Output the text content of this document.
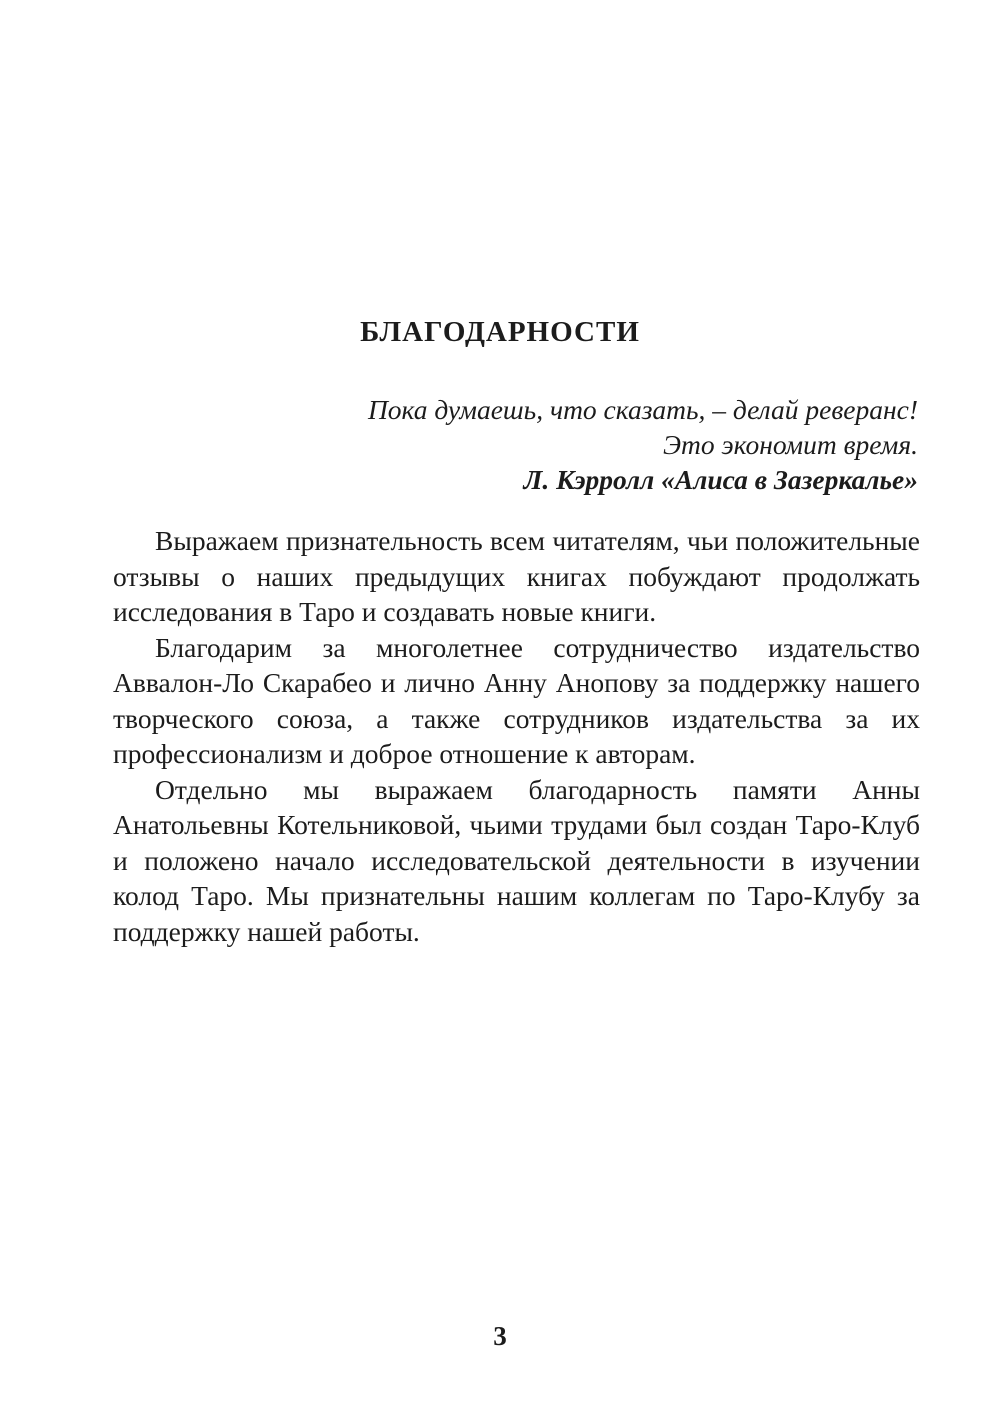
БЛАГОДАРНОСТИ
Пока думаешь, что сказать, – делай реверанс!
Это экономит время.
Л. Кэрролл «Алиса в Зазеркалье»

Выражаем признательность всем читателям, чьи положительные отзывы о наших предыдущих книгах побуждают продолжать исследования в Таро и создавать новые книги.

Благодарим за многолетнее сотрудничество издательство Аввалон-Ло Скарабео и лично Анну Анопову за поддержку нашего творческого союза, а также сотрудников издательства за их профессионализм и доброе отношение к авторам.

Отдельно мы выражаем благодарность памяти Анны Анатольевны Котельниковой, чьими трудами был создан Таро-Клуб и положено начало исследовательской деятельности в изучении колод Таро. Мы признательны нашим коллегам по Таро-Клубу за поддержку нашей работы.

3
